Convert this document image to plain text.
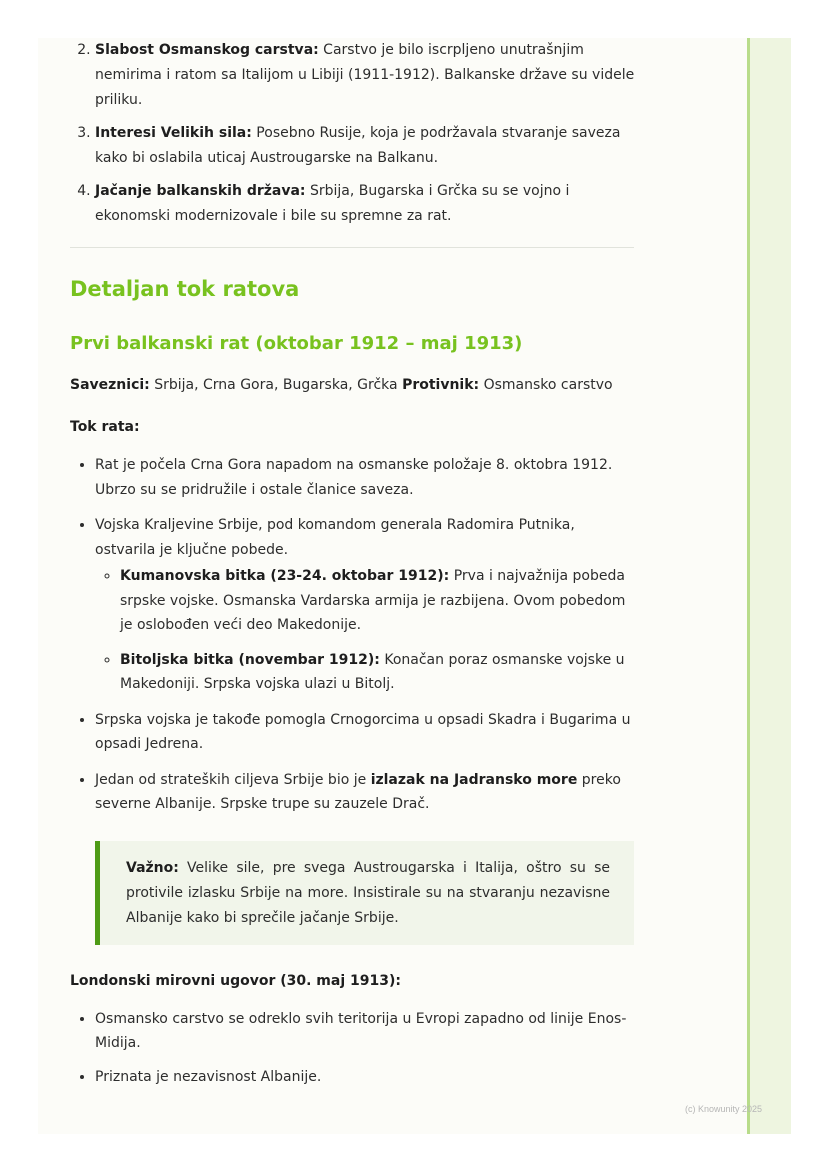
2. Slabost Osmanskog carstva: Carstvo je bilo iscrpljeno unutrašnjim nemirima i ratom sa Italijom u Libiji (1911-1912). Balkanske države su videle priliku.
3. Interesi Velikih sila: Posebno Rusije, koja je podržavala stvaranje saveza kako bi oslabila uticaj Austrougarske na Balkanu.
4. Jačanje balkanskih država: Srbija, Bugarska i Grčka su se vojno i ekonomski modernizovale i bile su spremne za rat.
Detaljan tok ratova
Prvi balkanski rat (oktobar 1912 – maj 1913)

Saveznici: Srbija, Crna Gora, Bugarska, Grčka Protivnik: Osmansko carstvo

Tok rata:

• Rat je počela Crna Gora napadom na osmanske položaje 8. oktobra 1912. Ubrzo su se pridružile i ostale članice saveza.
• Vojska Kraljevine Srbije, pod komandom generala Radomira Putnika, ostvarila je ključne pobede.
◦ Kumanovska bitka (23-24. oktobar 1912): Prva i najvažnija pobeda srpske vojske. Osmanska Vardarska armija je razbijena. Ovom pobedom je oslobođen veći deo Makedonije.
◦ Bitoljska bitka (novembar 1912): Konačan poraz osmanske vojske u Makedoniji. Srpska vojska ulazi u Bitolj.
• Srpska vojska je takođe pomogla Crnogorcima u opsadi Skadra i Bugarima u opsadi Jedrena.
• Jedan od strateških ciljeva Srbije bio je izlazak na Jadransko more preko severne Albanije. Srpske trupe su zauzele Drač.
Važno: Velike sile, pre svega Austrougarska i Italija, oštro su se protivile izlasku Srbije na more. Insistirale su na stvaranju nezavisne Albanije kako bi sprečile jačanje Srbije.

Londonski mirovni ugovor (30. maj 1913):

• Osmansko carstvo se odreklo svih teritorija u Evropi zapadno od linije Enos-Midija.
• Priznata je nezavisnost Albanije.
(c) Knowunity 2025
